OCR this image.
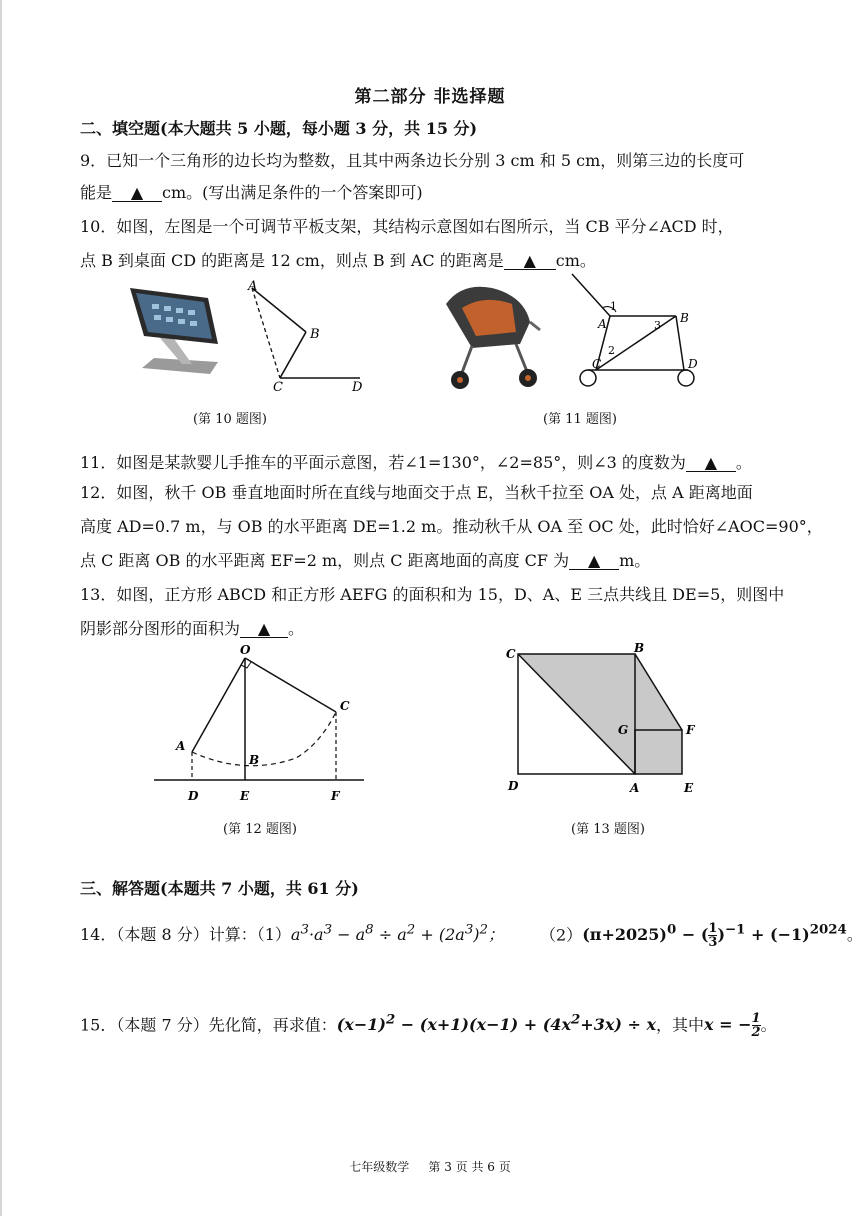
第二部分 非选择题
二、填空题(本大题共 5 小题，每小题 3 分，共 15 分)
9．已知一个三角形的边长均为整数，且其中两条边长分别 3 cm 和 5 cm，则第三边的长度可
能是 ▲ cm。(写出满足条件的一个答案即可)
10．如图，左图是一个可调节平板支架，其结构示意图如右图所示，当 CB 平分∠ACD 时，
点 B 到桌面 CD 的距离是 12 cm，则点 B 到 AC 的距离是 ▲ cm。
A
B
C	D
(第 10 题图)
1
2
3
A	B
C	D
(第 11 题图)
11．如图是某款婴儿手推车的平面示意图，若∠1=130°，∠2=85°，则∠3 的度数为 ▲ 。
12．如图，秋千 OB 垂直地面时所在直线与地面交于点 E，当秋千拉至 OA 处，点 A 距离地面
高度 AD=0.7 m，与 OB 的水平距离 DE=1.2 m。推动秋千从 OA 至 OC 处，此时恰好∠AOC=90°，
点 C 距离 OB 的水平距离 EF=2 m，则点 C 距离地面的高度 CF 为 ▲ m。
13．如图，正方形 ABCD 和正方形 AEFG 的面积和为 15，D、A、E 三点共线且 DE=5，则图中
阴影部分图形的面积为 ▲ 。
O
A
B
C
D	E	F
(第 12 题图)
C	B
G	F
D	A	E
(第 13 题图)
三、解答题(本题共 7 小题，共 61 分)
14．（本题 8 分）计算：$(1)a^3\cdot a^3 - a^8 \div a^2 + (2a^3)^2$； $(2)(\pi+2025)^0$ − ( $\frac{1}{3} )^{-1} + (-1)^{2024}$。
15．（本题 7 分）先化简，再求值：$(x-1)^2 - (x+1)(x-1) + (4x^2+3x) \div x$，其中x = − $\frac{1}{2}$ 。
七年级数学 第 3 页 共 6 页
